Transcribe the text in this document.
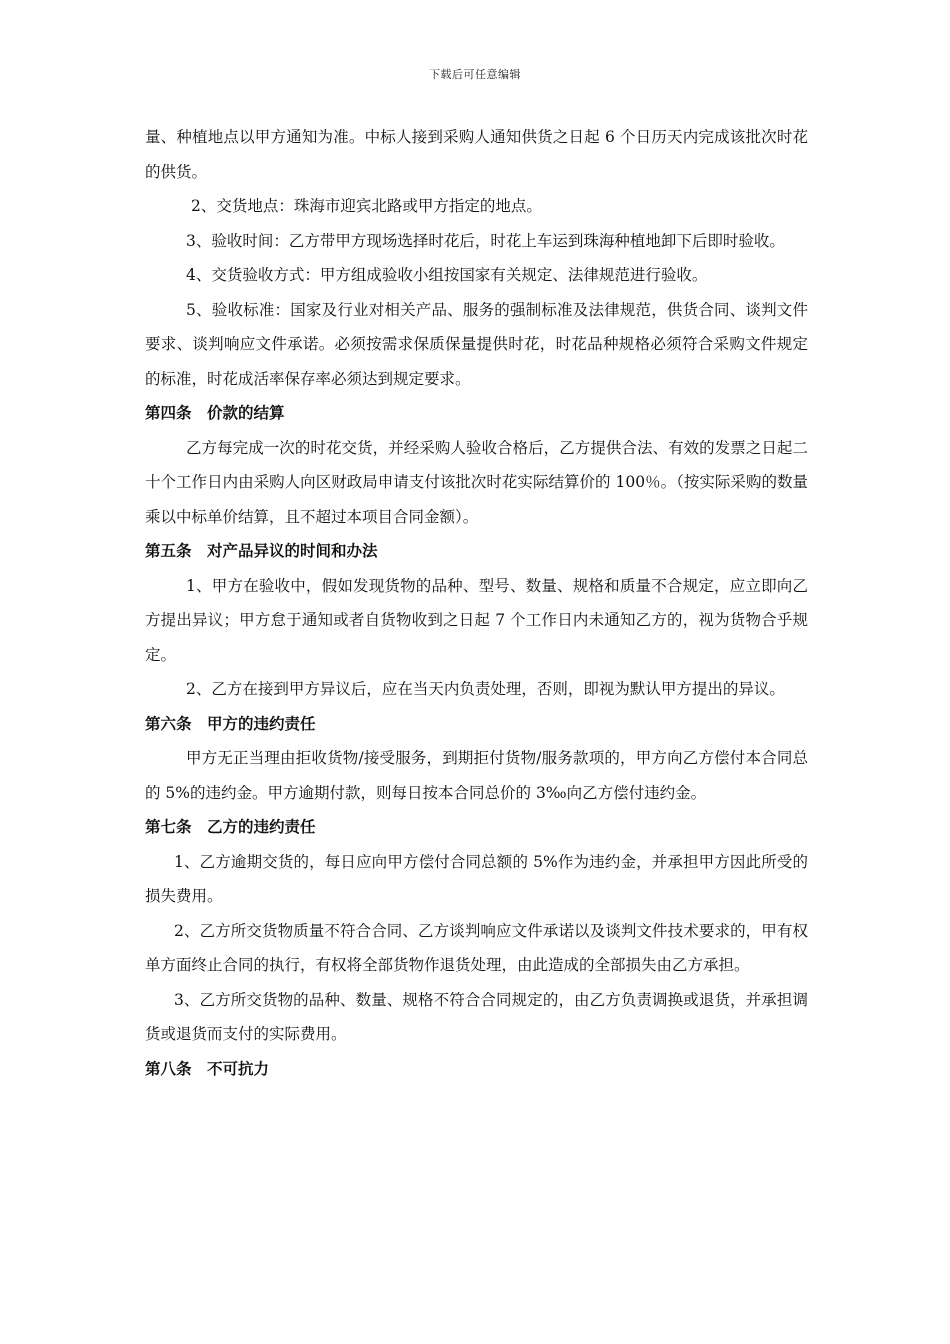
下载后可任意编辑

量、种植地点以甲方通知为准。中标人接到采购人通知供货之日起 6 个日历天内完成该批次时花的供货。

2、交货地点：珠海市迎宾北路或甲方指定的地点。

3、验收时间：乙方带甲方现场选择时花后，时花上车运到珠海种植地卸下后即时验收。

4、交货验收方式：甲方组成验收小组按国家有关规定、法律规范进行验收。

5、验收标准：国家及行业对相关产品、服务的强制标准及法律规范，供货合同、谈判文件要求、谈判响应文件承诺。必须按需求保质保量提供时花，时花品种规格必须符合采购文件规定的标准，时花成活率保存率必须达到规定要求。

第四条　价款的结算

乙方每完成一次的时花交货，并经采购人验收合格后，乙方提供合法、有效的发票之日起二十个工作日内由采购人向区财政局申请支付该批次时花实际结算价的 100％。（按实际采购的数量乘以中标单价结算，且不超过本项目合同金额）。

第五条　对产品异议的时间和办法

1、甲方在验收中，假如发现货物的品种、型号、数量、规格和质量不合规定，应立即向乙方提出异议；甲方怠于通知或者自货物收到之日起 7 个工作日内未通知乙方的，视为货物合乎规定。

2、乙方在接到甲方异议后，应在当天内负责处理，否则，即视为默认甲方提出的异议。

第六条　甲方的违约责任

甲方无正当理由拒收货物/接受服务，到期拒付货物/服务款项的，甲方向乙方偿付本合同总的 5%的违约金。甲方逾期付款，则每日按本合同总价的 3‰向乙方偿付违约金。

第七条　乙方的违约责任

1、乙方逾期交货的，每日应向甲方偿付合同总额的 5%作为违约金，并承担甲方因此所受的损失费用。

2、乙方所交货物质量不符合合同、乙方谈判响应文件承诺以及谈判文件技术要求的，甲有权单方面终止合同的执行，有权将全部货物作退货处理，由此造成的全部损失由乙方承担。

3、乙方所交货物的品种、数量、规格不符合合同规定的，由乙方负责调换或退货，并承担调货或退货而支付的实际费用。

第八条　不可抗力
